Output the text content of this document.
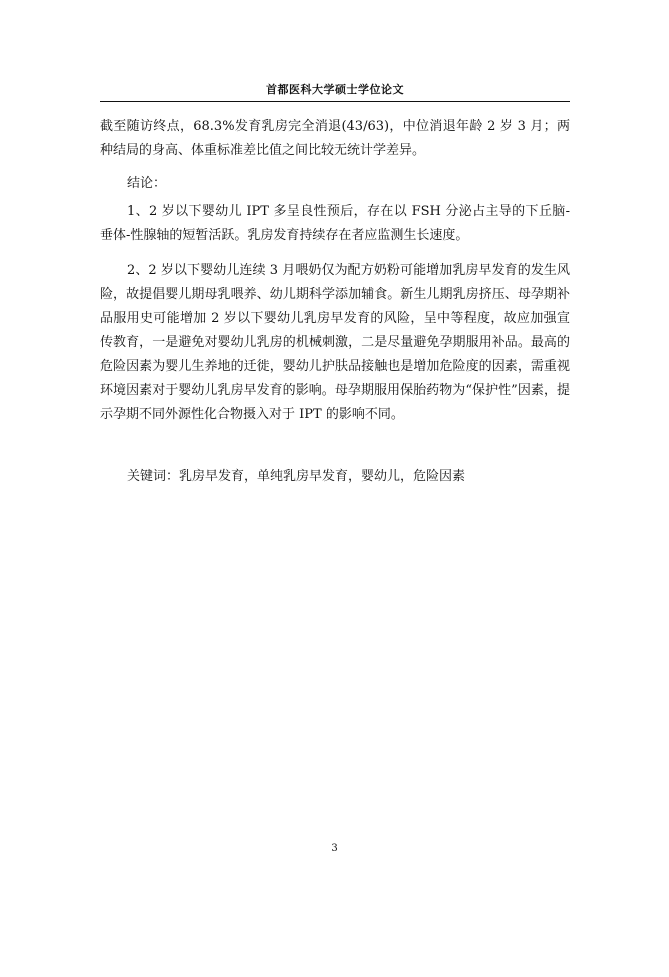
首都医科大学硕士学位论文
截至随访终点，68.3%发育乳房完全消退(43/63)，中位消退年龄 2 岁 3 月；两种结局的身高、体重标准差比值之间比较无统计学差异。
结论：
1、2 岁以下婴幼儿 IPT 多呈良性预后，存在以 FSH 分泌占主导的下丘脑-垂体-性腺轴的短暂活跃。乳房发育持续存在者应监测生长速度。
2、2 岁以下婴幼儿连续 3 月喂奶仅为配方奶粉可能增加乳房早发育的发生风险，故提倡婴儿期母乳喂养、幼儿期科学添加辅食。新生儿期乳房挤压、母孕期补品服用史可能增加 2 岁以下婴幼儿乳房早发育的风险，呈中等程度，故应加强宣传教育，一是避免对婴幼儿乳房的机械刺激，二是尽量避免孕期服用补品。最高的危险因素为婴儿生养地的迁徙，婴幼儿护肤品接触也是增加危险度的因素，需重视环境因素对于婴幼儿乳房早发育的影响。母孕期服用保胎药物为“保护性”因素，提示孕期不同外源性化合物摄入对于 IPT 的影响不同。
关键词：乳房早发育，单纯乳房早发育，婴幼儿，危险因素
3
